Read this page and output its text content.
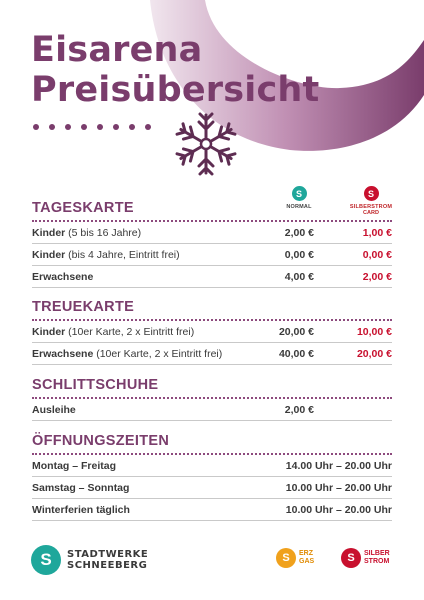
Eisarena
Preisübersicht
S
NORMAL
S
SILBERSTROM
CARD
TAGESKARTE
Kinder (5 bis 16 Jahre)	2,00 €	1,00 €
Kinder (bis 4 Jahre, Eintritt frei)	0,00 €	0,00 €
Erwachsene	4,00 €	2,00 €
TREUEKARTE
Kinder (10er Karte, 2 x Eintritt frei)	20,00 €	10,00 €
Erwachsene (10er Karte, 2 x Eintritt frei)	40,00 €	20,00 €
SCHLITTSCHUHE
Ausleihe	2,00 €
ÖFFNUNGSZEITEN
Montag – Freitag	14.00 Uhr – 20.00 Uhr
Samstag – Sonntag	10.00 Uhr – 20.00 Uhr
Winterferien täglich	10.00 Uhr – 20.00 Uhr
S	STADTWERKE
SCHNEEBERG
S	ERZ
GAS	S	SILBER
STROM
